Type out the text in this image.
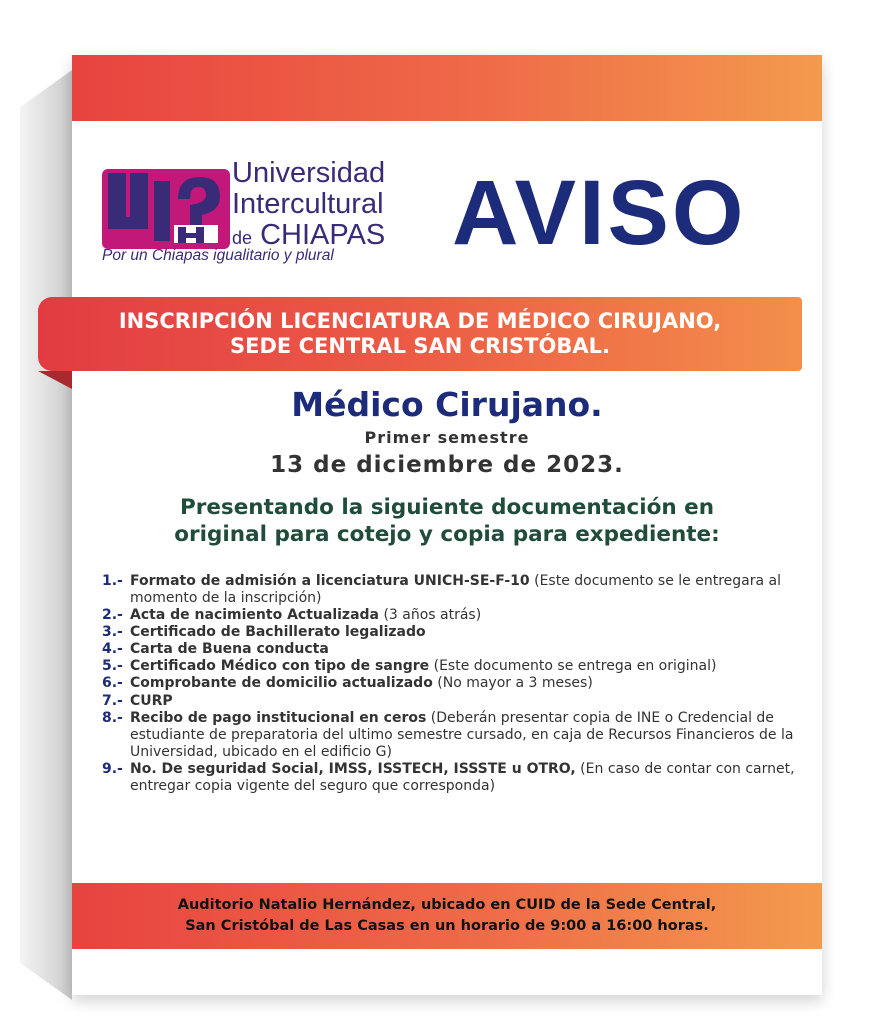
Universidad
Intercultural
de CHIAPAS
Por un Chiapas igualitario y plural AVISO
INSCRIPCIÓN LICENCIATURA DE MÉDICO CIRUJANO,
SEDE CENTRAL SAN CRISTÓBAL.
Médico Cirujano.
Primer semestre
13 de diciembre de 2023.
Presentando la siguiente documentación en
original para cotejo y copia para expediente:
1.- Formato de admisión a licenciatura UNICH-SE-F-10 (Este documento se le entregara al momento de la inscripción)
2.- Acta de nacimiento Actualizada (3 años atrás)
3.- Certificado de Bachillerato legalizado
4.- Carta de Buena conducta
5.- Certificado Médico con tipo de sangre (Este documento se entrega en original)
6.- Comprobante de domicilio actualizado (No mayor a 3 meses)
7.- CURP
8.- Recibo de pago institucional en ceros (Deberán presentar copia de INE o Credencial de estudiante de preparatoria del ultimo semestre cursado, en caja de Recursos Financieros de la Universidad, ubicado en el edificio G)
9.- No. De seguridad Social, IMSS, ISSTECH, ISSSTE u OTRO, (En caso de contar con carnet, entregar copia vigente del seguro que corresponda)
Auditorio Natalio Hernández, ubicado en CUID de la Sede Central,
San Cristóbal de Las Casas en un horario de 9:00 a 16:00 horas.
